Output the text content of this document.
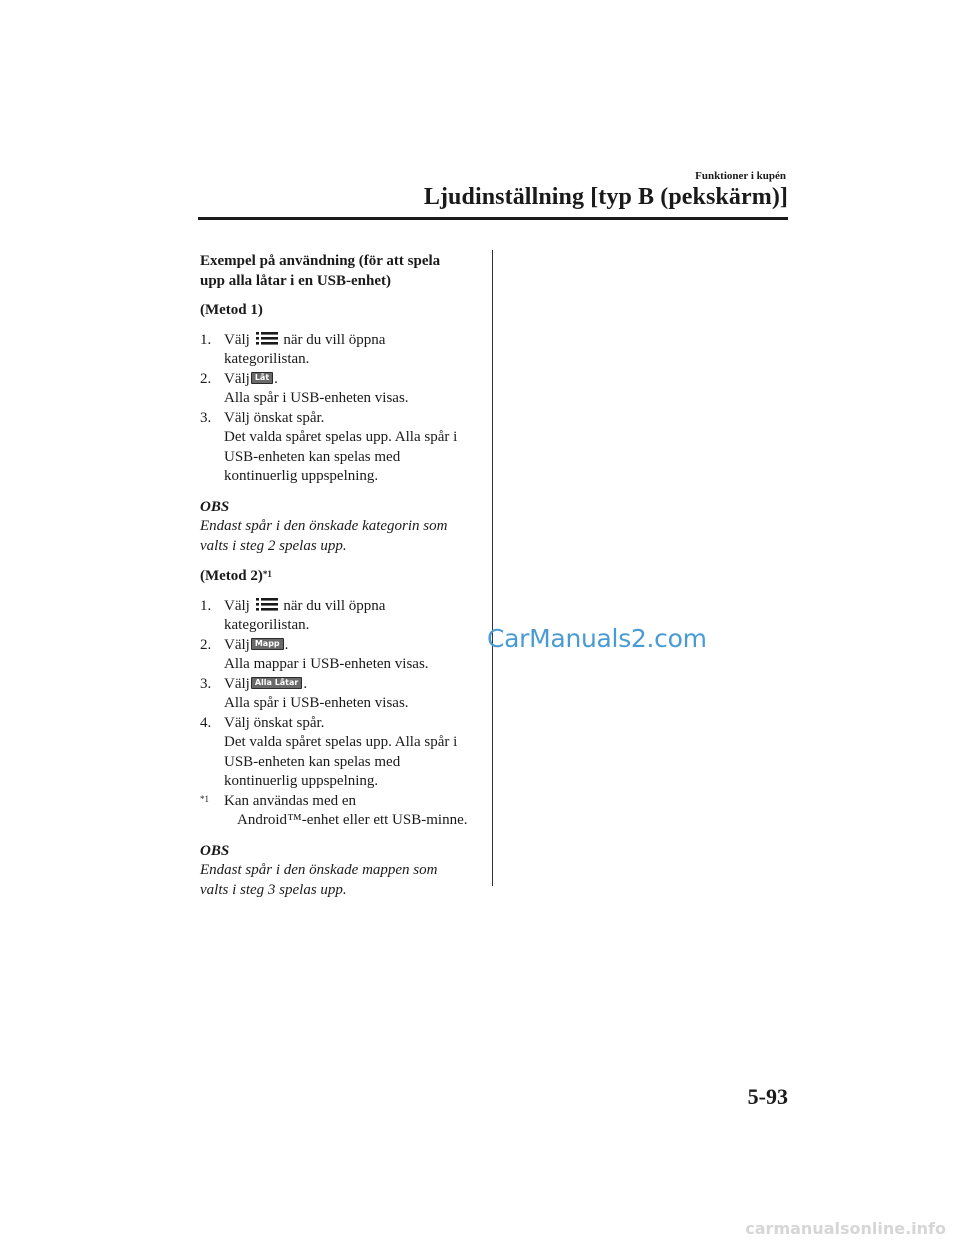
Funktioner i kupén
Ljudinställning [typ B (pekskärm)]

Exempel på användning (för att spela
upp alla låtar i en USB-enhet)

(Metod 1)

1. Välj när du vill öppna
kategorilistan.
2. Välj Låt .
Alla spår i USB-enheten visas.
3. Välj önskat spår.
Det valda spåret spelas upp. Alla spår i
USB-enheten kan spelas med
kontinuerlig uppspelning.

OBS

Endast spår i den önskade kategorin som
valts i steg 2 spelas upp.

(Metod 2)$^{*1}$

1. Välj när du vill öppna
kategorilistan.
2. Välj Mapp .
Alla mappar i USB-enheten visas.
3. Välj Alla Låtar .
Alla spår i USB-enheten visas.
4. Välj önskat spår.
Det valda spåret spelas upp. Alla spår i
USB-enheten kan spelas med
kontinuerlig uppspelning.
$^{*1}$ Kan användas med en
Android™-enhet eller ett USB-minne.

OBS

Endast spår i den önskade mappen som
valts i steg 3 spelas upp.

CarManuals2.com
5-93
carmanualsonline.info
